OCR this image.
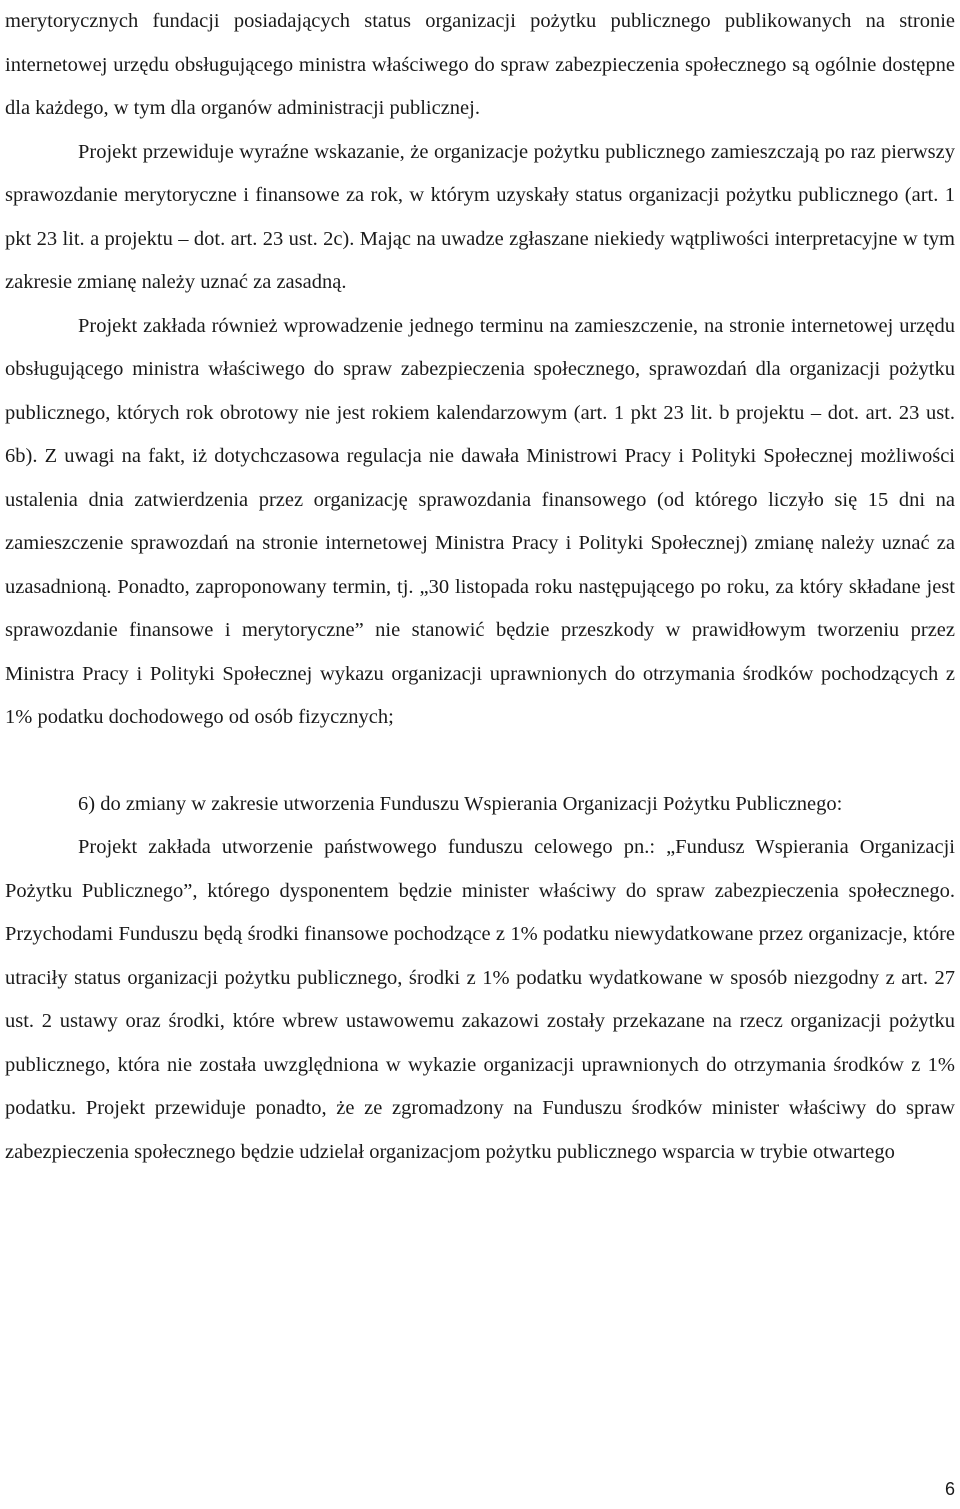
merytorycznych fundacji posiadających status organizacji pożytku publicznego publikowanych na stronie internetowej urzędu obsługującego ministra właściwego do spraw zabezpieczenia społecznego są ogólnie dostępne dla każdego, w tym dla organów administracji publicznej.

Projekt przewiduje wyraźne wskazanie, że organizacje pożytku publicznego zamieszczają po raz pierwszy sprawozdanie merytoryczne i finansowe za rok, w którym uzyskały status organizacji pożytku publicznego (art. 1 pkt 23 lit. a projektu – dot. art. 23 ust. 2c). Mając na uwadze zgłaszane niekiedy wątpliwości interpretacyjne w tym zakresie zmianę należy uznać za zasadną.

Projekt zakłada również wprowadzenie jednego terminu na zamieszczenie, na stronie internetowej urzędu obsługującego ministra właściwego do spraw zabezpieczenia społecznego, sprawozdań dla organizacji pożytku publicznego, których rok obrotowy nie jest rokiem kalendarzowym (art. 1 pkt 23 lit. b projektu – dot. art. 23 ust. 6b). Z uwagi na fakt, iż dotychczasowa regulacja nie dawała Ministrowi Pracy i Polityki Społecznej możliwości ustalenia dnia zatwierdzenia przez organizację sprawozdania finansowego (od którego liczyło się 15 dni na zamieszczenie sprawozdań na stronie internetowej Ministra Pracy i Polityki Społecznej) zmianę należy uznać za uzasadnioną. Ponadto, zaproponowany termin, tj. „30 listopada roku następującego po roku, za który składane jest sprawozdanie finansowe i merytoryczne” nie stanowić będzie przeszkody w prawidłowym tworzeniu przez Ministra Pracy i Polityki Społecznej wykazu organizacji uprawnionych do otrzymania środków pochodzących z 1% podatku dochodowego od osób fizycznych;

6) do zmiany w zakresie utworzenia Funduszu Wspierania Organizacji Pożytku Publicznego:

Projekt zakłada utworzenie państwowego funduszu celowego pn.: „Fundusz Wspierania Organizacji Pożytku Publicznego”, którego dysponentem będzie minister właściwy do spraw zabezpieczenia społecznego. Przychodami Funduszu będą środki finansowe pochodzące z 1% podatku niewydatkowane przez organizacje, które utraciły status organizacji pożytku publicznego, środki z 1% podatku wydatkowane w sposób niezgodny z art. 27 ust. 2 ustawy oraz środki, które wbrew ustawowemu zakazowi zostały przekazane na rzecz organizacji pożytku publicznego, która nie została uwzględniona w wykazie organizacji uprawnionych do otrzymania środków z 1% podatku. Projekt przewiduje ponadto, że ze zgromadzony na Funduszu środków minister właściwy do spraw zabezpieczenia społecznego będzie udzielał organizacjom pożytku publicznego wsparcia w trybie otwartego

6
